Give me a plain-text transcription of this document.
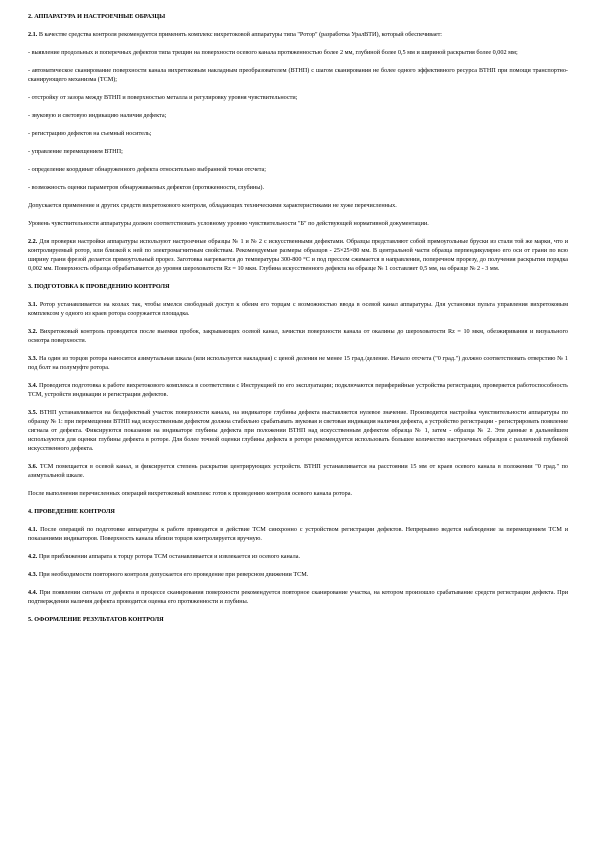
2. АППАРАТУРА И НАСТРОЕЧНЫЕ ОБРАЗЦЫ
2.1. В качестве средства контроля рекомендуется применять комплекс вихретоковой аппаратуры типа "Ротор" (разработка УралВТИ), который обеспечивает:
- выявление продольных и поперечных дефектов типа трещин на поверхности осевого канала протяженностью более 2 мм, глубиной более 0,5 мм и шириной раскрытия более 0,002 мм;
- автоматическое сканирование поверхности канала вихретоковым накладным преобразователем (ВТНП) с шагом сканирования не более одного эффективного ресурса ВТНП при помощи транспортно-сканирующего механизма (ТСМ);
- отстройку от зазора между ВТНП и поверхностью металла и регулировку уровня чувствительности;
- звуковую и световую индикацию наличия дефекта;
- регистрацию дефектов на съемный носитель;
- управление перемещением ВТНП;
- определение координат обнаруженного дефекта относительно выбранной точки отсчета;
- возможность оценки параметров обнаруживаемых дефектов (протяженности, глубины).
Допускается применение и других средств вихретокового контроля, обладающих техническими характеристиками не хуже перечисленных.
Уровень чувствительности аппаратуры должен соответствовать условному уровню чувствительности "Б" по действующей нормативной документации.
2.2. Для проверки настройки аппаратуры используют настроечные образцы № 1 и № 2 с искусственными дефектами. Образцы представляют собой прямоугольные бруски из стали той же марки, что и контролируемый ротор, или близкой к ней по электромагнитным свойствам. Рекомендуемые размеры образцов - 25×25×80 мм. В центральной части образца перпендикулярно его оси от грани по всю ширину грани фрезой делается прямоугольный прорез. Заготовка нагревается до температуры 300-800 °С и под прессом сжимается в направлении, поперечном прорезу, до получения раскрытия порядка 0,002 мм. Поверхность образца обрабатывается до уровня шероховатости Rz = 10 мкм. Глубина искусственного дефекта на образце № 1 составляет 0,5 мм, на образце № 2 - 3 мм.
3. ПОДГОТОВКА К ПРОВЕДЕНИЮ КОНТРОЛЯ
3.1. Ротор устанавливается на козлах так, чтобы имелся свободный доступ к обеим его торцам с возможностью ввода в осевой канал аппаратуры. Для установки пульта управления вихретоковым комплексом у одного из краев ротора сооружается площадка.
3.2. Вихретоковый контроль проводится после выемки пробок, закрывающих осевой канал, зачистки поверхности канала от окалины до шероховатости Rz = 10 мкм, обезжиривания и визуального осмотра поверхности.
3.3. На один из торцов ротора наносится азимутальная шкала (или используется накладная) с ценой деления не менее 15 град./деление. Начало отсчета ("0 град.") должно соответствовать отверстию № 1 под болт на полумуфте ротора.
3.4. Проводится подготовка к работе вихретокового комплекса в соответствии с Инструкцией по его эксплуатации; подключаются периферийные устройства регистрации, проверяется работоспособность ТСМ, устройств индикации и регистрации дефектов.
3.5. ВТНП устанавливается на бездефектный участок поверхности канала, на индикаторе глубины дефекта выставляется нулевое значение. Производится настройка чувствительности аппаратуры по образцу № 1: при перемещении ВТНП над искусственным дефектом должна стабильно срабатывать звуковая и световая индикация наличия дефекта, а устройство регистрации - регистрировать появление сигнала от дефекта. Фиксируются показания на индикаторе глубины дефекта при положении ВТНП над искусственным дефектом образца № 1, затем - образца № 2. Эти данные в дальнейшем используются для оценки глубины дефекта в роторе. Для более точной оценки глубины дефекта в роторе рекомендуется использовать большее количество настроечных образцов с различной глубиной искусственного дефекта.
3.6. ТСМ помещается в осевой канал, и фиксируется степень раскрытия центрирующих устройств. ВТНП устанавливается на расстоянии 15 мм от краев осевого канала в положении "0 град." по азимутальной шкале.
После выполнения перечисленных операций вихретоковый комплекс готов к проведению контроля осевого канала ротора.
4. ПРОВЕДЕНИЕ КОНТРОЛЯ
4.1. После операций по подготовке аппаратуры к работе приводится в действие ТСМ синхронно с устройством регистрации дефектов. Непрерывно ведется наблюдение за перемещением ТСМ и показаниями индикаторов. Поверхность канала вблизи торцов контролируется вручную.
4.2. При приближении аппарата к торцу ротора ТСМ останавливается и извлекается из осевого канала.
4.3. При необходимости повторного контроля допускается его проведение при реверсном движении ТСМ.
4.4. При появлении сигнала от дефекта в процессе сканирования поверхности рекомендуется повторное сканирование участка, на котором произошло срабатывание средств регистрации дефекта. При подтверждении наличия дефекта проводится оценка его протяженности и глубины.
5. ОФОРМЛЕНИЕ РЕЗУЛЬТАТОВ КОНТРОЛЯ
